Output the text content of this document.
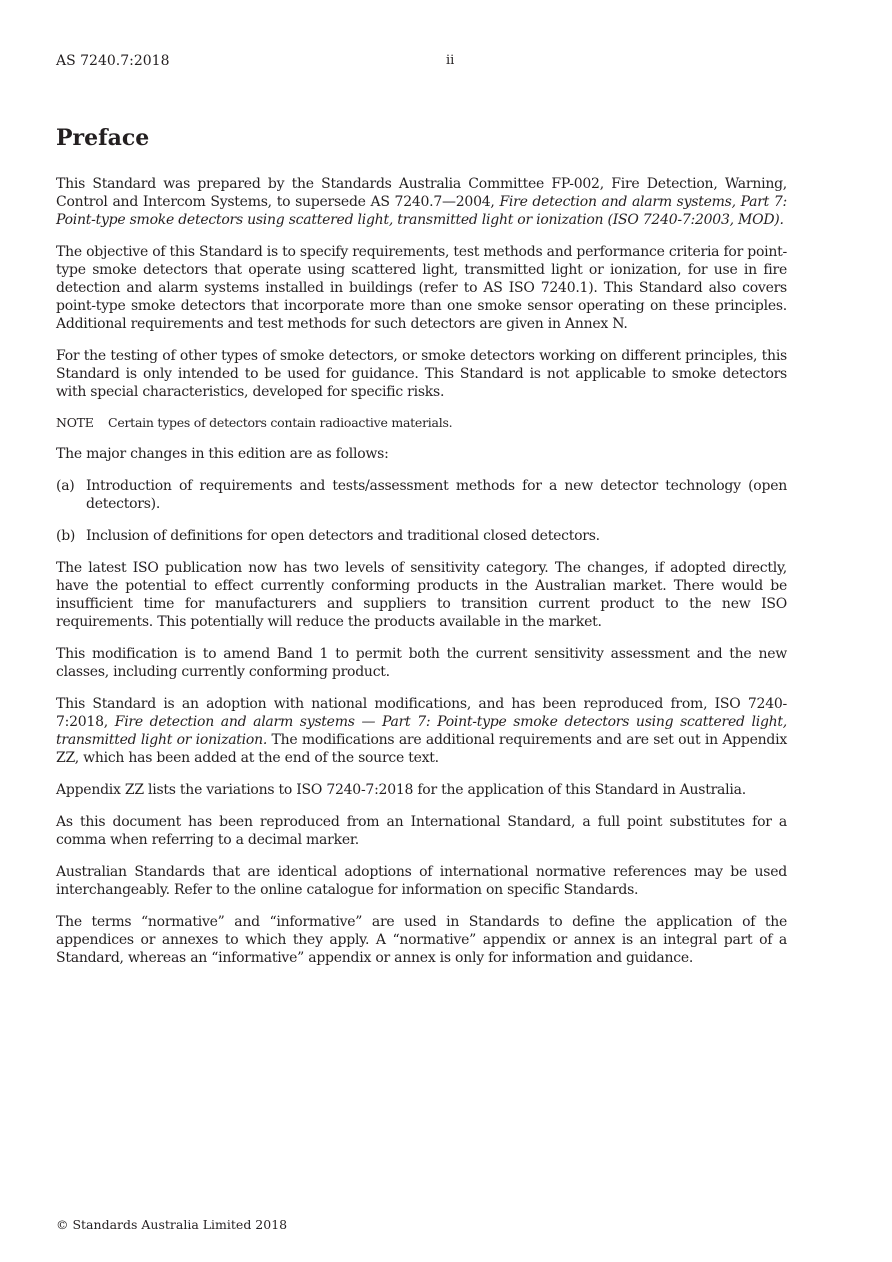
AS 7240.7:2018	ii
Preface

This Standard was prepared by the Standards Australia Committee FP-002, Fire Detection, Warning, Control and Intercom Systems, to supersede AS 7240.7—2004, Fire detection and alarm systems, Part 7: Point-type smoke detectors using scattered light, transmitted light or ionization (ISO 7240-7:2003, MOD).

The objective of this Standard is to specify requirements, test methods and performance criteria for point-type smoke detectors that operate using scattered light, transmitted light or ionization, for use in fire detection and alarm systems installed in buildings (refer to AS ISO 7240.1). This Standard also covers point-type smoke detectors that incorporate more than one smoke sensor operating on these principles. Additional requirements and test methods for such detectors are given in Annex N.

For the testing of other types of smoke detectors, or smoke detectors working on different principles, this Standard is only intended to be used for guidance. This Standard is not applicable to smoke detectors with special characteristics, developed for specific risks.

NOTE Certain types of detectors contain radioactive materials.

The major changes in this edition are as follows:

(a) Introduction of requirements and tests/assessment methods for a new detector technology (open detectors).
(b) Inclusion of definitions for open detectors and traditional closed detectors.

The latest ISO publication now has two levels of sensitivity category. The changes, if adopted directly, have the potential to effect currently conforming products in the Australian market. There would be insufficient time for manufacturers and suppliers to transition current product to the new ISO requirements. This potentially will reduce the products available in the market.

This modification is to amend Band 1 to permit both the current sensitivity assessment and the new classes, including currently conforming product.

This Standard is an adoption with national modifications, and has been reproduced from, ISO 7240-7:2018, Fire detection and alarm systems — Part 7: Point-type smoke detectors using scattered light, transmitted light or ionization. The modifications are additional requirements and are set out in Appendix ZZ, which has been added at the end of the source text.

Appendix ZZ lists the variations to ISO 7240-7:2018 for the application of this Standard in Australia.

As this document has been reproduced from an International Standard, a full point substitutes for a comma when referring to a decimal marker.

Australian Standards that are identical adoptions of international normative references may be used interchangeably. Refer to the online catalogue for information on specific Standards.

The terms “normative” and “informative” are used in Standards to define the application of the appendices or annexes to which they apply. A “normative” appendix or annex is an integral part of a Standard, whereas an “informative” appendix or annex is only for information and guidance.

© Standards Australia Limited 2018
